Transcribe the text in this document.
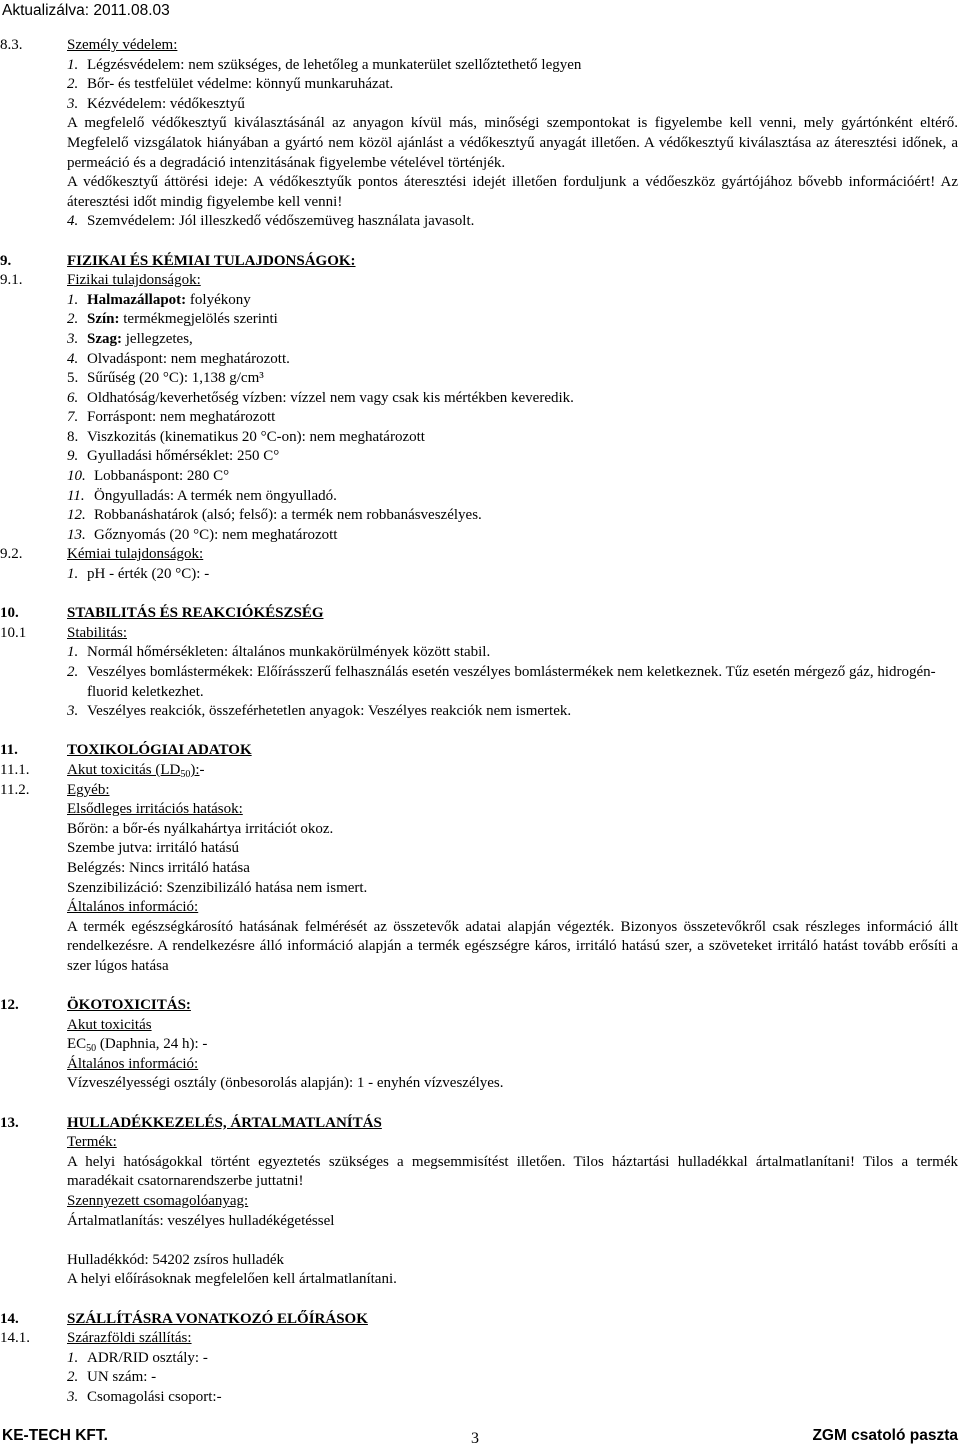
Aktualizálva: 2011.08.03
8.3.	Személy védelem:
1. Légzésvédelem: nem szükséges, de lehetőleg a munkaterület szellőztethető legyen
2. Bőr- és testfelület védelme: könnyű munkaruházat.
3. Kézvédelem: védőkesztyű
A megfelelő védőkesztyű kiválasztásánál az anyagon kívül más, minőségi szempontokat is figyelembe kell venni, mely gyártónként eltérő. Megfelelő vizsgálatok hiányában a gyártó nem közöl ajánlást a védőkesztyű anyagát illetően. A védőkesztyű kiválasztása az áteresztési időnek, a permeáció és a degradáció intenzitásának figyelembe vételével történjék.
A védőkesztyű áttörési ideje: A védőkesztyűk pontos áteresztési idejét illetően forduljunk a védőeszköz gyártójához bővebb információért! Az áteresztési időt mindig figyelembe kell venni!
4. Szemvédelem: Jól illeszkedő védőszemüveg használata javasolt.
9.	FIZIKAI ÉS KÉMIAI TULAJDONSÁGOK:
9.1.	Fizikai tulajdonságok:
1. Halmazállapot: folyékony
2. Szín: termékmegjelölés szerinti
3. Szag: jellegzetes,
4. Olvadáspont: nem meghatározott.
5. Sűrűség (20 °C): 1,138 g/cm³
6. Oldhatóság/keverhetőség vízben: vízzel nem vagy csak kis mértékben keveredik.
7. Forráspont: nem meghatározott
8. Viszkozitás (kinematikus 20 °C-on): nem meghatározott
9. Gyulladási hőmérséklet: 250 C°
10. Lobbanáspont: 280 C°
11. Öngyulladás: A termék nem öngyulladó.
12. Robbanáshatárok (alsó; felső): a termék nem robbanásveszélyes.
13. Gőznyomás (20 °C): nem meghatározott
9.2.	Kémiai tulajdonságok:
1. pH - érték (20 °C): -
10.	STABILITÁS ÉS REAKCIÓKÉSZSÉG
10.1	Stabilitás:
1. Normál hőmérsékleten: általános munkakörülmények között stabil.
2. Veszélyes bomlástermékek: Előírásszerű felhasználás esetén veszélyes bomlástermékek nem keletkeznek. Tűz esetén mérgező gáz, hidrogén-fluorid keletkezhet.
3. Veszélyes reakciók, összeférhetetlen anyagok: Veszélyes reakciók nem ismertek.
11.	TOXIKOLÓGIAI ADATOK
11.1.	Akut toxicitás $(LD_{50}):-$
11.2.	Egyéb:
Elsődleges irritációs hatások:
Bőrön: a bőr-és nyálkahártya irritációt okoz.
Szembe jutva: irritáló hatású
Belégzés: Nincs irritáló hatása
Szenzibilizáció: Szenzibilizáló hatása nem ismert.
Általános információ:
A termék egészségkárosító hatásának felmérését az összetevők adatai alapján végezték. Bizonyos összetevőkről csak részleges információ állt rendelkezésre. A rendelkezésre álló információ alapján a termék egészségre káros, irritáló hatású szer, a szöveteket irritáló hatást tovább erősíti a szer lúgos hatása
12.	ÖKOTOXICITÁS:
Akut toxicitás
$EC_{50}$ (Daphnia, 24 h): -
Általános információ:
Vízveszélyességi osztály (önbesorolás alapján): 1 - enyhén vízveszélyes.
13.	HULLADÉKKEZELÉS, ÁRTALMATLANÍTÁS
Termék:
A helyi hatóságokkal történt egyeztetés szükséges a megsemmisítést illetően. Tilos háztartási hulladékkal ártalmatlanítani! Tilos a termék maradékait csatornarendszerbe juttatni!
Szennyezett csomagolóanyag:
Ártalmatlanítás: veszélyes hulladékégetéssel
Hulladékkód: 54202 zsíros hulladék
A helyi előírásoknak megfelelően kell ártalmatlanítani.
14.	SZÁLLÍTÁSRA VONATKOZÓ ELŐÍRÁSOK
14.1.	Szárazföldi szállítás:
1. ADR/RID osztály: -
2. UN szám: -
3. Csomagolási csoport:-
KE-TECH KFT.	3	ZGM csatoló paszta
